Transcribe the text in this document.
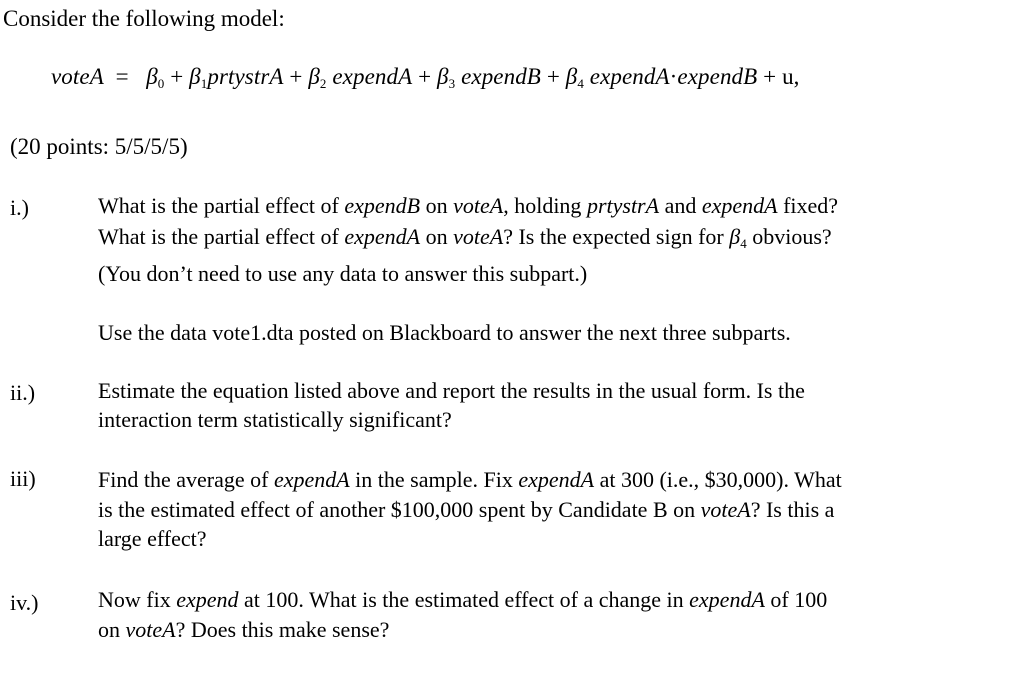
Consider the following model:
voteA = $\beta_0$ + $\beta_1prtystrA + \beta_2$ expendA + $\beta_3$ expendB + $\beta_4$ expendA·expendB + u,
(20 points: 5/5/5/5)
i.)	What is the partial effect of expendB on voteA, holding prtystrA and expendA fixed?
What is the partial effect of expendA on voteA? Is the expected sign for $\beta_4$ obvious?
(You don’t need to use any data to answer this subpart.)
Use the data vote1.dta posted on Blackboard to answer the next three subparts.
ii.)	Estimate the equation listed above and report the results in the usual form. Is the
interaction term statistically significant?
iii)	Find the average of expendA in the sample. Fix expendA at 300 (i.e., $30,000). What
is the estimated effect of another $100,000 spent by Candidate B on voteA? Is this a
large effect?
iv.)	Now fix expend at 100. What is the estimated effect of a change in expendA of 100
on voteA? Does this make sense?
